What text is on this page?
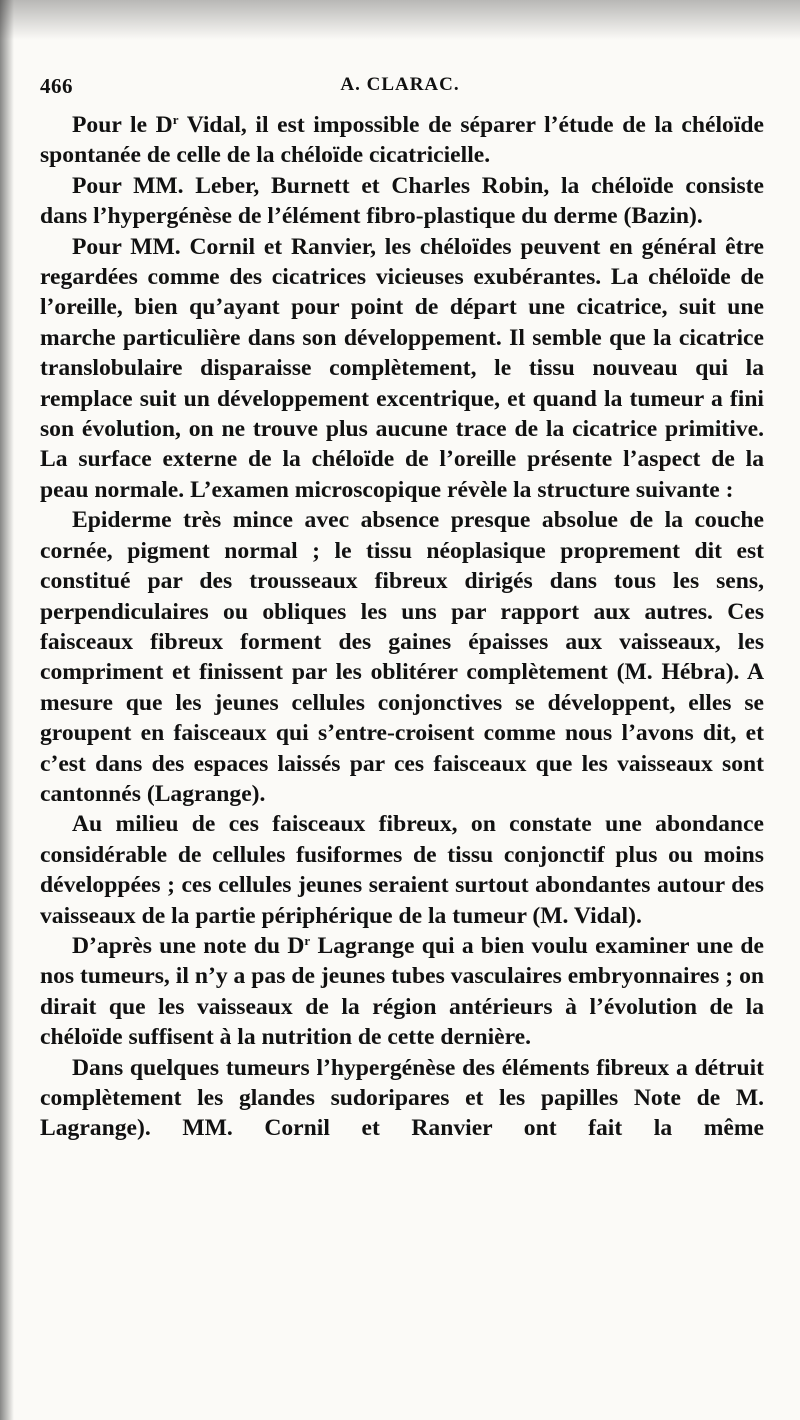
466	A. CLARAC.

Pour le $D^r$ Vidal, il est impossible de séparer l’étude de la chéloïde spontanée de celle de la chéloïde cicatricielle.

Pour MM. Leber, Burnett et Charles Robin, la chéloïde consiste dans l’hypergénèse de l’élément fibro-plastique du derme (Bazin).

Pour MM. Cornil et Ranvier, les chéloïdes peuvent en général être regardées comme des cicatrices vicieuses exubérantes. La chéloïde de l’oreille, bien qu’ayant pour point de départ une cicatrice, suit une marche particulière dans son développement. Il semble que la cicatrice translobulaire disparaisse complètement, le tissu nouveau qui la remplace suit un développement excentrique, et quand la tumeur a fini son évolution, on ne trouve plus aucune trace de la cicatrice primitive. La surface externe de la chéloïde de l’oreille présente l’aspect de la peau normale. L’examen microscopique révèle la structure suivante :

Epiderme très mince avec absence presque absolue de la couche cornée, pigment normal ; le tissu néoplasique proprement dit est constitué par des trousseaux fibreux dirigés dans tous les sens, perpendiculaires ou obliques les uns par rapport aux autres. Ces faisceaux fibreux forment des gaines épaisses aux vaisseaux, les compriment et finissent par les oblitérer complètement (M. Hébra). A mesure que les jeunes cellules conjonctives se développent, elles se groupent en faisceaux qui s’entre-croisent comme nous l’avons dit, et c’est dans des espaces laissés par ces faisceaux que les vaisseaux sont cantonnés (Lagrange).

Au milieu de ces faisceaux fibreux, on constate une abondance considérable de cellules fusiformes de tissu conjonctif plus ou moins développées ; ces cellules jeunes seraient surtout abondantes autour des vaisseaux de la partie périphérique de la tumeur (M. Vidal).

D’après une note du $D^r$ Lagrange qui a bien voulu examiner une de nos tumeurs, il n’y a pas de jeunes tubes vasculaires embryonnaires ; on dirait que les vaisseaux de la région antérieurs à l’évolution de la chéloïde suffisent à la nutrition de cette dernière.

Dans quelques tumeurs l’hypergénèse des éléments fibreux a détruit complètement les glandes sudoripares et les papilles Note de M. Lagrange). MM. Cornil et Ranvier ont fait la même
